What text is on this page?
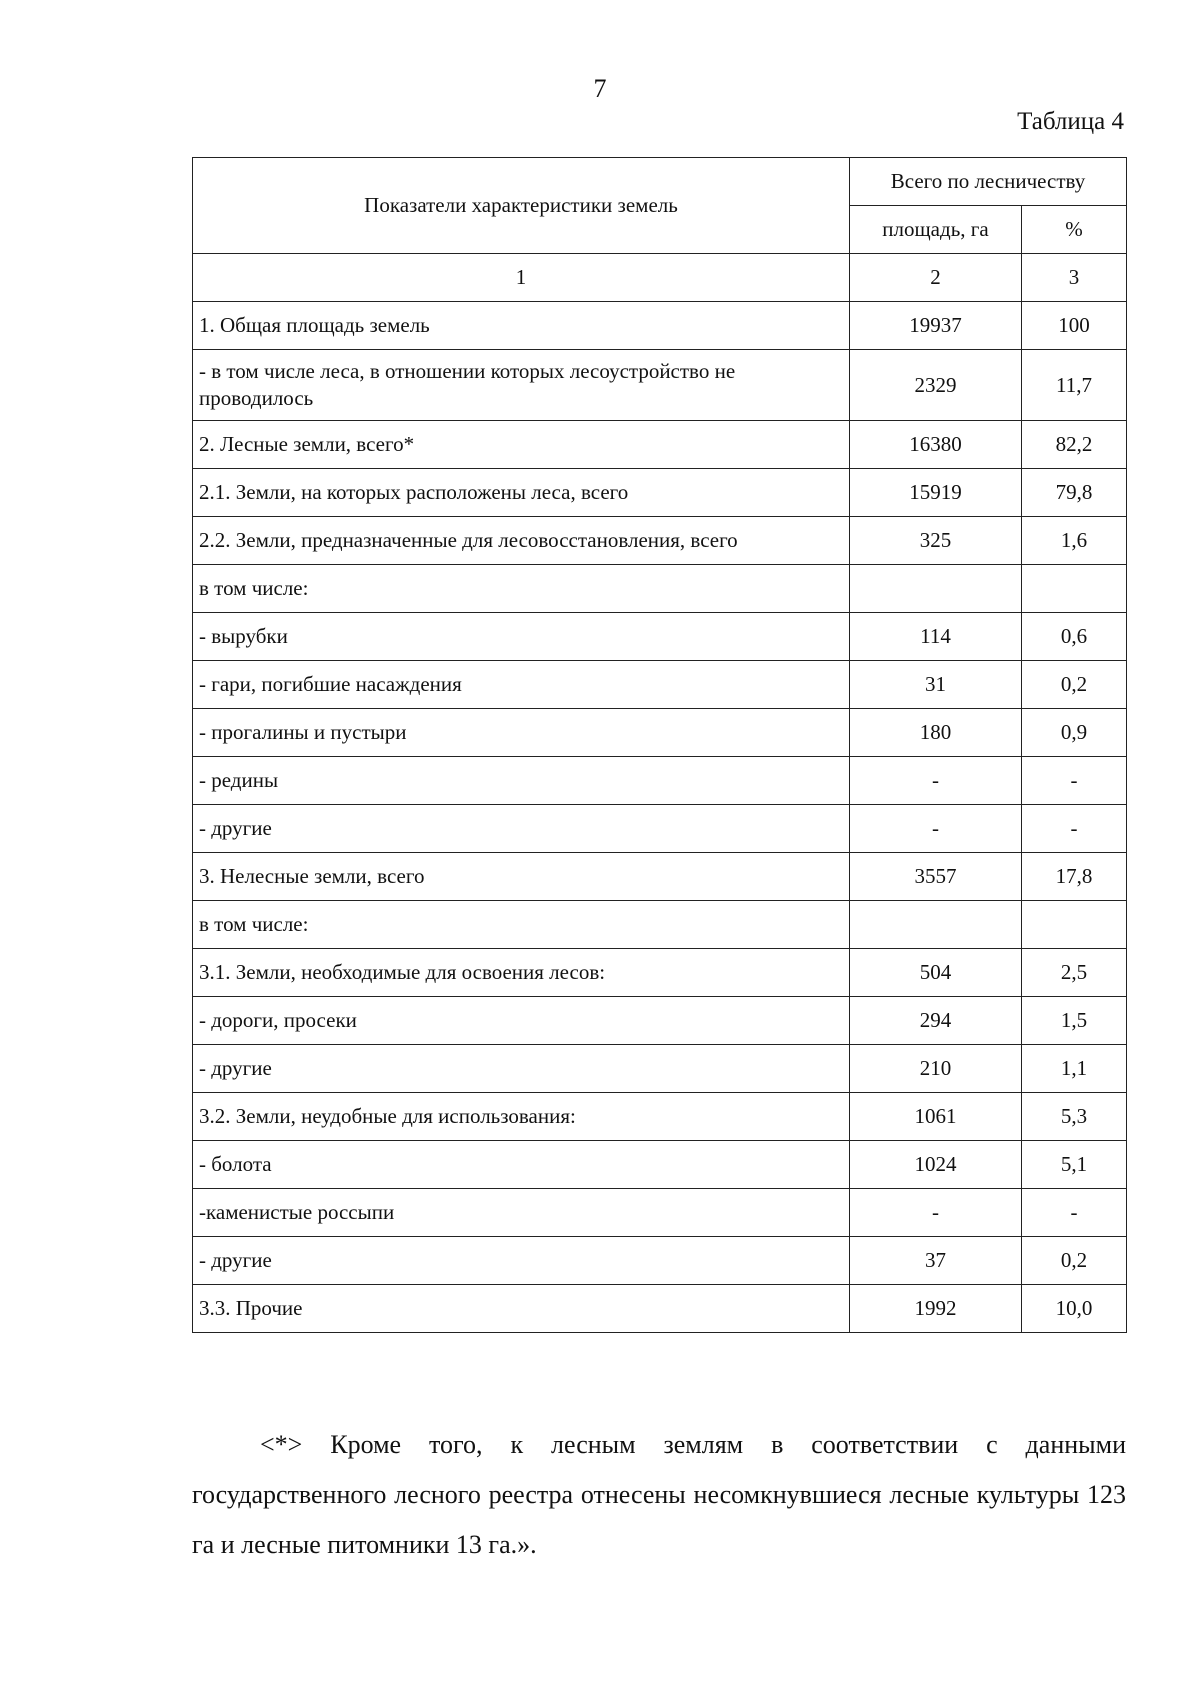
7
Таблица 4
Показатели характеристики земель	Всего по лесничеству	
	площадь, га	%
1	2	3
1. Общая площадь земель	19937	100
- в том числе леса, в отношении которых лесоустройство не проводилось	2329	11,7
2. Лесные земли, всего*	16380	82,2
2.1. Земли, на которых расположены леса, всего	15919	79,8
2.2. Земли, предназначенные для лесовосстановления, всего	325	1,6
в том числе:		
- вырубки	114	0,6
- гари, погибшие насаждения	31	0,2
- прогалины и пустыри	180	0,9
- редины	-	-
- другие	-	-
3. Нелесные земли, всего	3557	17,8
в том числе:		
3.1. Земли, необходимые для освоения лесов:	504	2,5
- дороги, просеки	294	1,5
- другие	210	1,1
3.2. Земли, неудобные для использования:	1061	5,3
- болота	1024	5,1
-каменистые россыпи	-	-
- другие	37	0,2
3.3. Прочие	1992	10,0
<*> Кроме того, к лесным землям в соответствии с данными государственного лесного реестра отнесены несомкнувшиеся лесные культуры 123 га и лесные питомники 13 га.».
